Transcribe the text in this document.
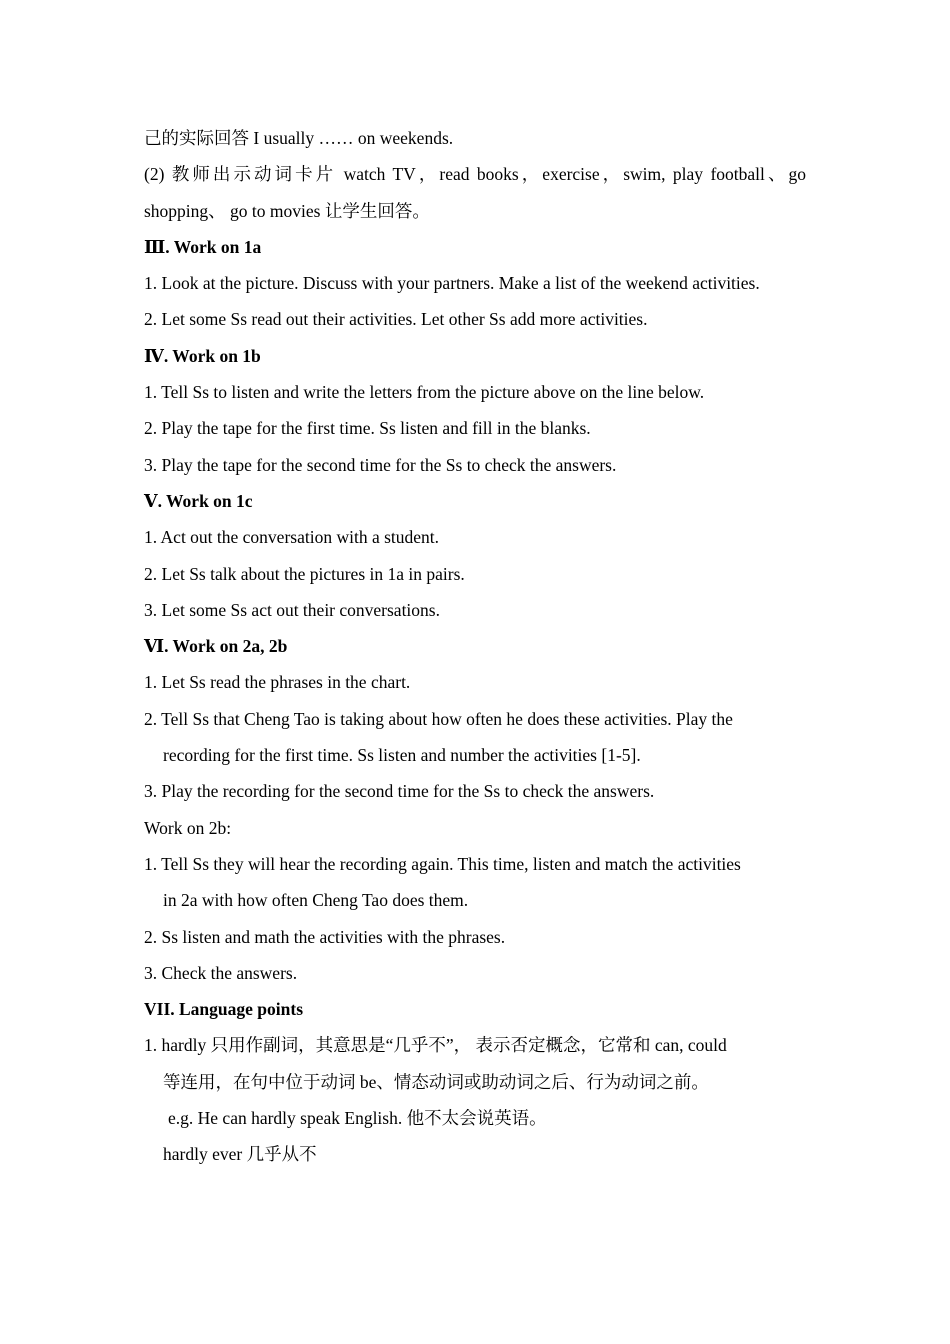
己的实际回答 I usually …… on weekends.

(2) 教师出示动词卡片 watch TV，read books，exercise，swim, play football、go shopping、 go to movies 让学生回答。

Ⅲ. Work on 1a

1. Look at the picture. Discuss with your partners. Make a list of the weekend activities.

2. Let some Ss read out their activities. Let other Ss add more activities.

Ⅳ. Work on 1b

1. Tell Ss to listen and write the letters from the picture above on the line below.

2. Play the tape for the first time. Ss listen and fill in the blanks.

3. Play the tape for the second time for the Ss to check the answers.

Ⅴ. Work on 1c

1. Act out the conversation with a student.

2. Let Ss talk about the pictures in 1a in pairs.

3. Let some Ss act out their conversations.

Ⅵ. Work on 2a, 2b

1. Let Ss read the phrases in the chart.

2. Tell Ss that Cheng Tao is taking about how often he does these activities. Play the

recording for the first time. Ss listen and number the activities [1-5].

3. Play the recording for the second time for the Ss to check the answers.

Work on 2b:

1. Tell Ss they will hear the recording again. This time, listen and match the activities

in 2a with how often Cheng Tao does them.

2. Ss listen and math the activities with the phrases.

3. Check the answers.

VII. Language points

1. hardly 只用作副词，其意思是“几乎不”， 表示否定概念，它常和 can, could

等连用，在句中位于动词 be、情态动词或助动词之后、行为动词之前。

e.g. He can hardly speak English. 他不太会说英语。

hardly ever 几乎从不
